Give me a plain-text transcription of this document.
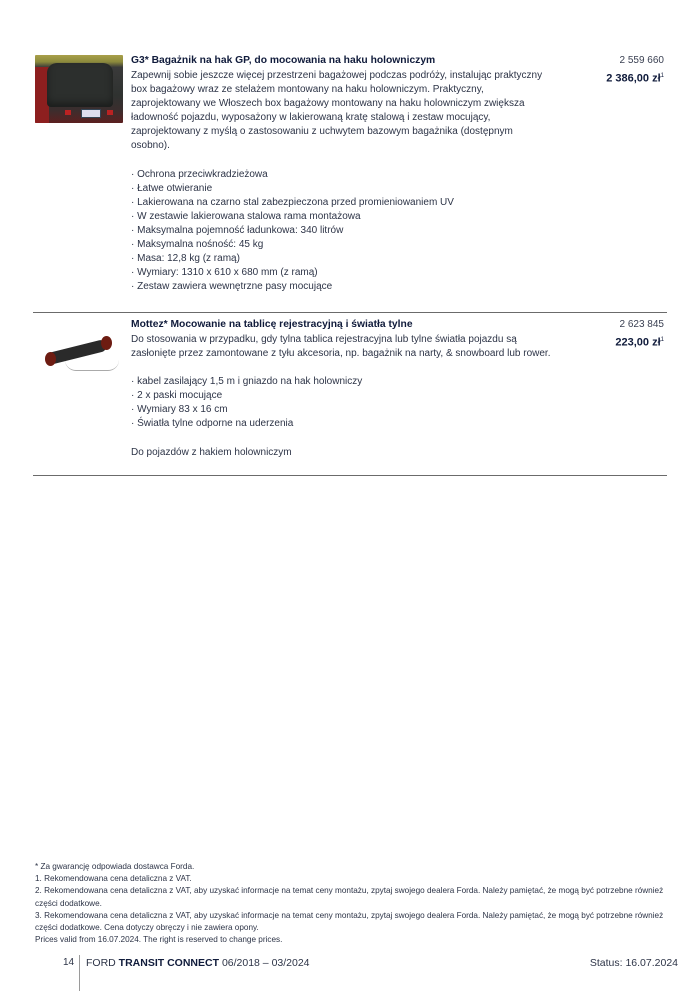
G3* Bagażnik na hak GP, do mocowania na haku holowniczym

Zapewnij sobie jeszcze więcej przestrzeni bagażowej podczas podróży, instalując praktyczny box bagażowy wraz ze stelażem montowany na haku holowniczym. Praktyczny, zaprojektowany we Włoszech box bagażowy montowany na haku holowniczym zwiększa ładowność pojazdu, wyposażony w lakierowaną kratę stalową i zestaw mocujący, zaprojektowany z myślą o zastosowaniu z uchwytem bazowym bagażnika (dostępnym osobno).

· Ochrona przeciwkradzieżowa
· Łatwe otwieranie
· Lakierowana na czarno stal zabezpieczona przed promieniowaniem UV
· W zestawie lakierowana stalowa rama montażowa
· Maksymalna pojemność ładunkowa: 340 litrów
· Maksymalna nośność: 45 kg
· Masa: 12,8 kg (z ramą)
· Wymiary: 1310 x 610 x 680 mm (z ramą)
· Zestaw zawiera wewnętrzne pasy mocujące
2 559 660
2 386,00 $zł^1$
Mottez* Mocowanie na tablicę rejestracyjną i światła tylne

Do stosowania w przypadku, gdy tylna tablica rejestracyjna lub tylne światła pojazdu są zasłonięte przez zamontowane z tyłu akcesoria, np. bagażnik na narty, & snowboard lub rower.

· kabel zasilający 1,5 m i gniazdo na hak holowniczy
· 2 x paski mocujące
· Wymiary 83 x 16 cm
· Światła tylne odporne na uderzenia

Do pojazdów z hakiem holowniczym

2 623 845
223,00 $zł^1$

* Za gwarancję odpowiada dostawca Forda.

1. Rekomendowana cena detaliczna z VAT.

2. Rekomendowana cena detaliczna z VAT, aby uzyskać informacje na temat ceny montażu, zpytaj swojego dealera Forda. Należy pamiętać, że mogą być potrzebne również części dodatkowe.

3. Rekomendowana cena detaliczna z VAT, aby uzyskać informacje na temat ceny montażu, zpytaj swojego dealera Forda. Należy pamiętać, że mogą być potrzebne również części dodatkowe. Cena dotyczy obręczy i nie zawiera opony.

Prices valid from 16.07.2024. The right is reserved to change prices.

14 FORD TRANSIT CONNECT 06/2018 – 03/2024	Status: 16.07.2024
